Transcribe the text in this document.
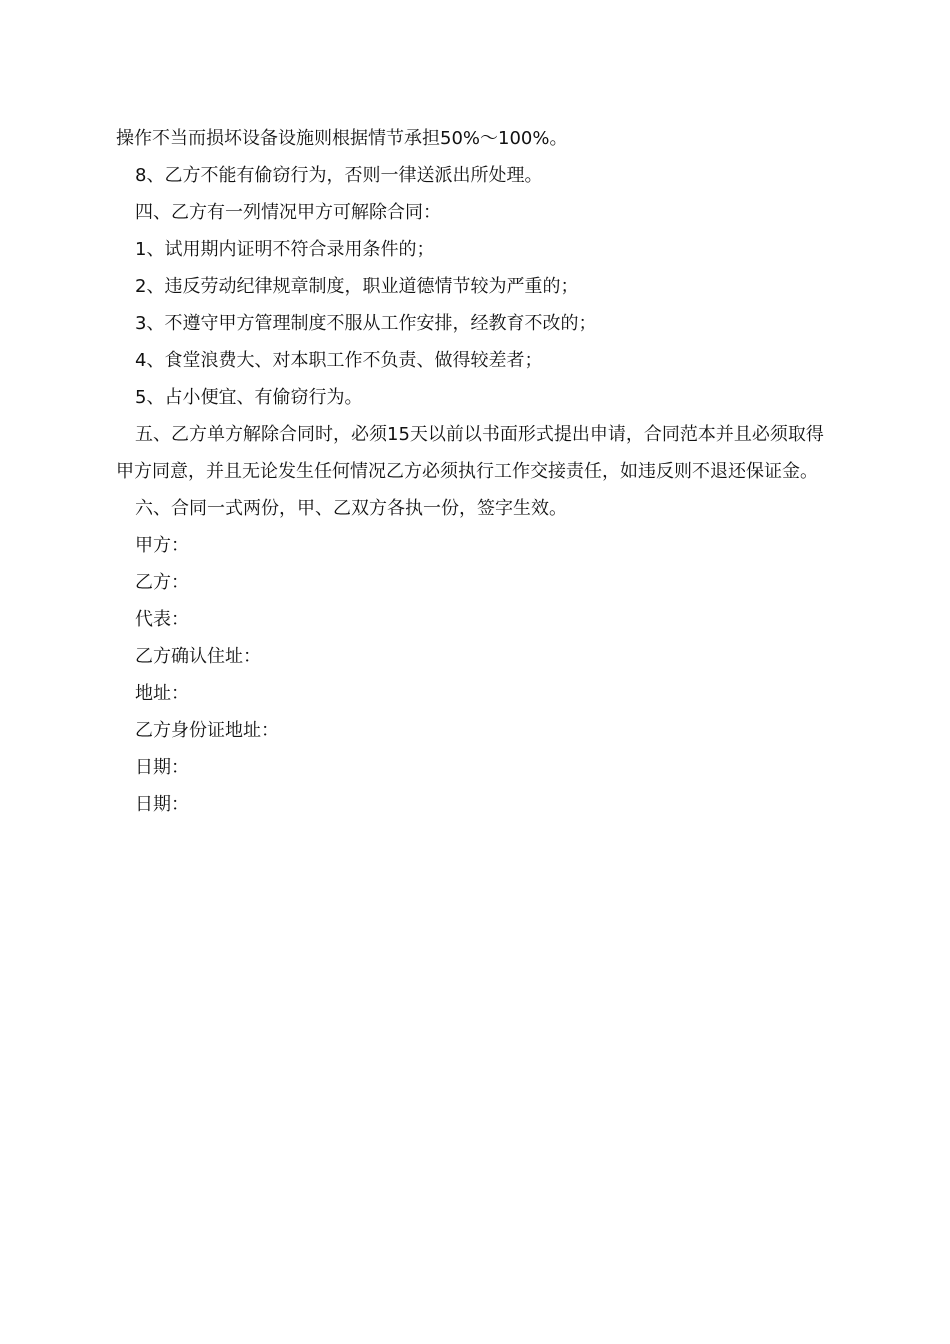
操作不当而损坏设备设施则根据情节承担50%～100%。

8、乙方不能有偷窃行为，否则一律送派出所处理。

四、乙方有一列情况甲方可解除合同：

1、试用期内证明不符合录用条件的；

2、违反劳动纪律规章制度，职业道德情节较为严重的；

3、不遵守甲方管理制度不服从工作安排，经教育不改的；

4、食堂浪费大、对本职工作不负责、做得较差者；

5、占小便宜、有偷窃行为。

五、乙方单方解除合同时，必须15天以前以书面形式提出申请，合同范本并且必须取得甲方同意，并且无论发生任何情况乙方必须执行工作交接责任，如违反则不退还保证金。

六、合同一式两份，甲、乙双方各执一份，签字生效。

甲方：

乙方：

代表：

乙方确认住址：

地址：

乙方身份证地址：

日期：

日期：
